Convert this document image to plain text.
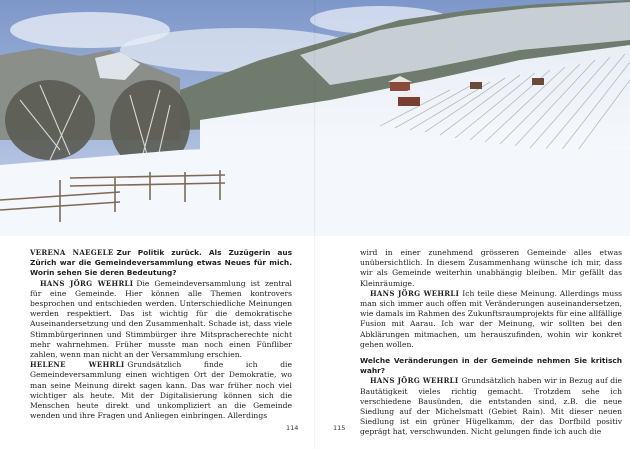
VERENA NAEGELE Zur Politik zurück. Als Zuzügerin aus Zürich war die Gemeindeversammlung etwas Neues für mich. Worin sehen Sie deren Bedeutung?

HANS JÖRG WEHRLI Die Gemeindeversammlung ist zentral für eine Gemeinde. Hier können alle Themen kontrovers besprochen und entschieden werden. Unterschiedliche Meinungen werden respektiert. Das ist wichtig für die demokratische Auseinandersetzung und den Zusammenhalt. Schade ist, dass viele Stimmbürgerinnen und Stimmbürger ihre Mitspracherechte nicht mehr wahrnehmen. Früher musste man noch einen Fünfliber zahlen, wenn man nicht an der Versammlung erschien.

HELENE WEHRLI Grundsätzlich finde ich die Gemeindeversammlung einen wichtigen Ort der Demokratie, wo man seine Meinung direkt sagen kann. Das war früher noch viel wichtiger als heute. Mit der Digitalisierung können sich die Menschen heute direkt und unkompliziert an die Gemeinde wenden und ihre Fragen und Anliegen einbringen. Allerdings

wird in einer zunehmend grösseren Gemeinde alles etwas unübersichtlich. In diesem Zusammenhang wünsche ich mir, dass wir als Gemeinde weiterhin unabhängig bleiben. Mir gefällt das Kleinräumige.

HANS JÖRG WEHRLI Ich teile diese Meinung. Allerdings muss man sich immer auch offen mit Veränderungen auseinandersetzen, wie damals im Rahmen des Zukunftsraumprojekts für eine allfällige Fusion mit Aarau. Ich war der Meinung, wir sollten bei den Abklärungen mitmachen, um herauszufinden, wohin wir konkret gehen wollen.

Welche Veränderungen in der Gemeinde nehmen Sie kritisch wahr?

HANS JÖRG WEHRLI Grundsätzlich haben wir in Bezug auf die Bautätigkeit vieles richtig gemacht. Trotzdem sehe ich verschiedene Bausünden, die entstanden sind, z.B. die neue Siedlung auf der Michelsmatt (Gebiet Rain). Mit dieser neuen Siedlung ist ein grüner Hügelkamm, der das Dorfbild positiv geprägt hat, verschwunden. Nicht gelungen finde ich auch die

114	115
